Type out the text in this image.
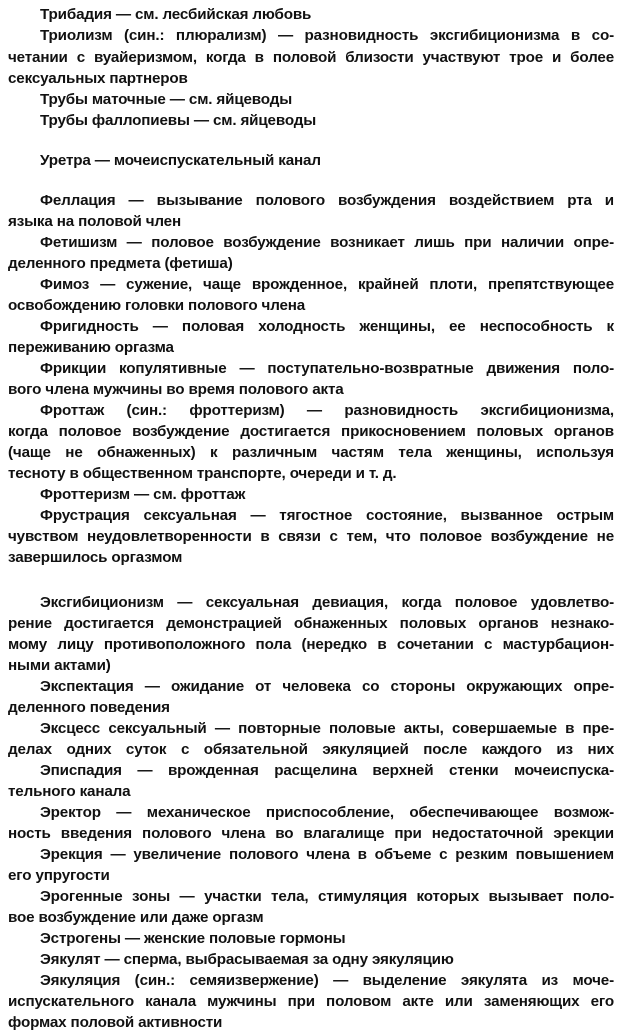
Трибадия — см. лесбийская любовь
Триолизм (син.: плюрализм) — разновидность эксгибиционизма в со-
четании с вуайеризмом, когда в половой близости участвуют трое и более
сексуальных партнеров
Трубы маточные — см. яйцеводы
Трубы фаллопиевы — см. яйцеводы
Уретра — мочеиспускательный канал
Феллация — вызывание полового возбуждения воздействием рта и
языка на половой член
Фетишизм — половое возбуждение возникает лишь при наличии опре-
деленного предмета (фетиша)
Фимоз — сужение, чаще врожденное, крайней плоти, препятствующее
освобождению головки полового члена
Фригидность — половая холодность женщины, ее неспособность к
переживанию оргазма
Фрикции копулятивные — поступательно-возвратные движения поло-
вого члена мужчины во время полового акта
Фроттаж (син.: фроттеризм) — разновидность эксгибиционизма,
когда половое возбуждение достигается прикосновением половых органов
(чаще не обнаженных) к различным частям тела женщины, используя
тесноту в общественном транспорте, очереди и т. д.
Фроттеризм — см. фроттаж
Фрустрация сексуальная — тягостное состояние, вызванное острым
чувством неудовлетворенности в связи с тем, что половое возбуждение не
завершилось оргазмом
Эксгибиционизм — сексуальная девиация, когда половое удовлетво-
рение достигается демонстрацией обнаженных половых органов незнако-
мому лицу противоположного пола (нередко в сочетании с мастурбацион-
ными актами)
Экспектация — ожидание от человека со стороны окружающих опре-
деленного поведения
Эксцесс сексуальный — повторные половые акты, совершаемые в пре-
делах одних суток с обязательной эякуляцией после каждого из них
Эписпадия — врожденная расщелина верхней стенки мочеиспуска-
тельного канала
Эректор — механическое приспособление, обеспечивающее возмож-
ность введения полового члена во влагалище при недостаточной эрекции
Эрекция — увеличение полового члена в объеме с резким повышением
его упругости
Эрогенные зоны — участки тела, стимуляция которых вызывает поло-
вое возбуждение или даже оргазм
Эстрогены — женские половые гормоны
Эякулят — сперма, выбрасываемая за одну эякуляцию
Эякуляция (син.: семяизвержение) — выделение эякулята из моче-
испускательного канала мужчины при половом акте или заменяющих его
формах половой активности
